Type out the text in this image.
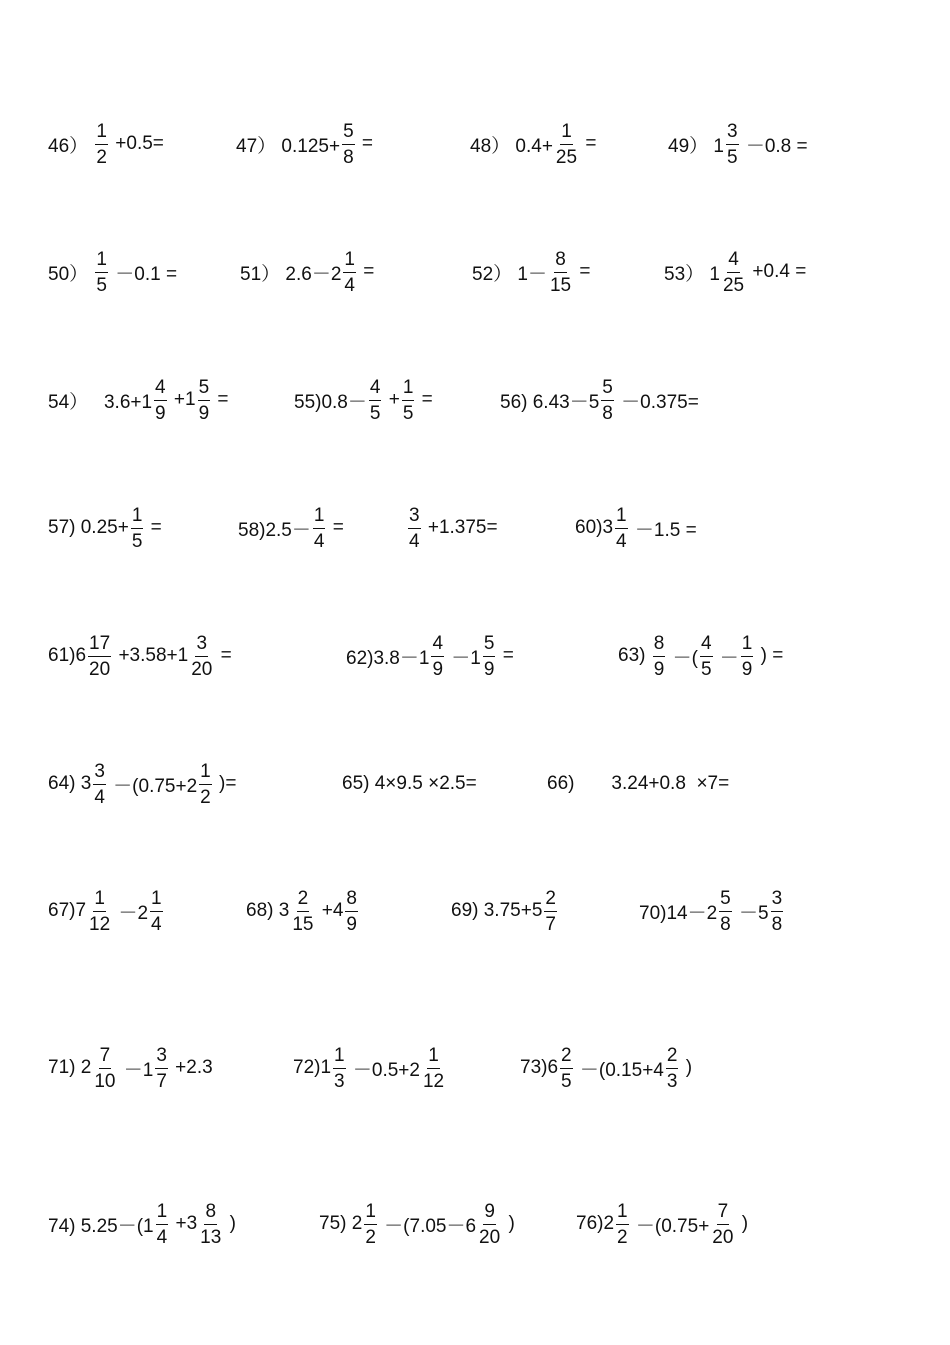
$46) \frac{1}{2} +0.5=$	47） $0.125+ \frac{5}{8}$ =	48） $0.4+ \frac{1}{25}$ =	49） $1 \frac{3}{5} -0.8$ =
$50) \frac{1}{5} -0.1$ =	51） $2.6-2 \frac{1}{4}$ =	52） $1- \frac{8}{15}$ =	53） $1 \frac{4}{25} +0.4$ =
54）   $3.6+1 \frac{4}{9} +1 \frac{5}{9}$ =	$55)0.8- \frac{4}{5} + \frac{1}{5}$ =	56) $6.43-5 \frac{5}{8} -0.375=$
57) $0.25+ \frac{1}{5}$ =	$58)2.5- \frac{1}{4}$ =	$\frac{3}{4} +1.375=$	$60)3 \frac{1}{4} -1.5$ =
$61)6 \frac{17}{20} +3.58+1 \frac{3}{20}$ =	$62)3.8-1 \frac{4}{9} -1 \frac{5}{9}$ =	$63) \frac{8}{9}$ －( $\frac{4}{5} - \frac{1}{9}$ ) =
64) $3 \frac{3}{4} -(0.75+2 \frac{1}{2}$ )=	65) 4×9.5 ×2.5=	66)       3.24+0.8  ×7=
$67)7 \frac{1}{12} -2 \frac{1}{4}$	68) $3 \frac{2}{15} +4 \frac{8}{9}$	69) $3.75+5 \frac{2}{7}$	$70)14-2 \frac{5}{8} -5 \frac{3}{8}$
71) $2 \frac{7}{10} -1 \frac{3}{7} +2.3$	$72)1 \frac{1}{3} -0.5+2 \frac{1}{12}$	$73)6 \frac{2}{5} -(0.15+4 \frac{2}{3}$ )
74) $5.25-(1 \frac{1}{4} +3 \frac{8}{13}$ )	75) $2 \frac{1}{2} -(7.05-6 \frac{9}{20}$ )	$76)2 \frac{1}{2} -(0.75+ \frac{7}{20}$ )
